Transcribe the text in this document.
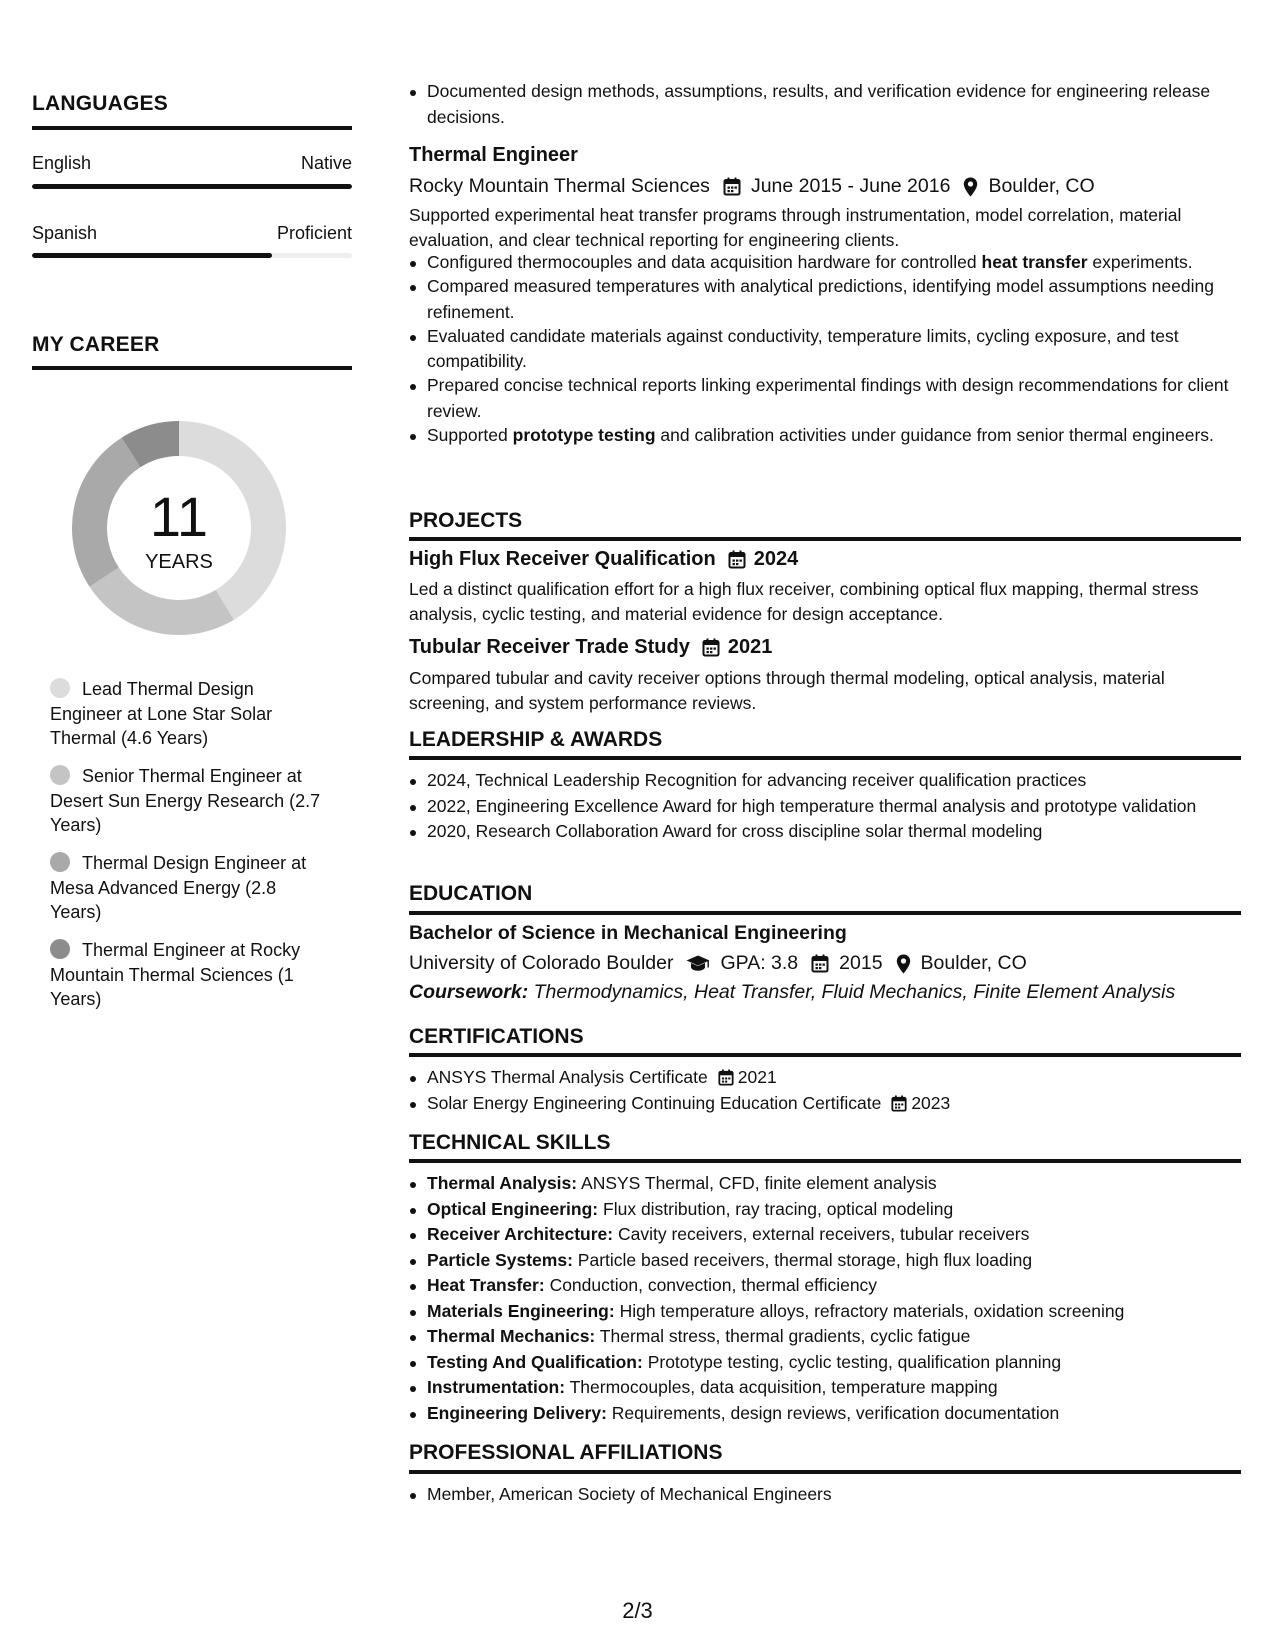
LANGUAGES
English	Native
Spanish	Proficient
MY CAREER
11
YEARS
Lead Thermal Design Engineer at Lone Star Solar Thermal (4.6 Years)
Senior Thermal Engineer at Desert Sun Energy Research (2.7 Years)
Thermal Design Engineer at Mesa Advanced Energy (2.8 Years)
Thermal Engineer at Rocky Mountain Thermal Sciences (1 Years)
Documented design methods, assumptions, results, and verification evidence for engineering release decisions.
Thermal Engineer
Rocky Mountain Thermal Sciences June 2015 - June 2016 Boulder, CO
Supported experimental heat transfer programs through instrumentation, model correlation, material evaluation, and clear technical reporting for engineering clients.
Configured thermocouples and data acquisition hardware for controlled heat transfer experiments.
Compared measured temperatures with analytical predictions, identifying model assumptions needing refinement.
Evaluated candidate materials against conductivity, temperature limits, cycling exposure, and test compatibility.
Prepared concise technical reports linking experimental findings with design recommendations for client review.
Supported prototype testing and calibration activities under guidance from senior thermal engineers.
PROJECTS
High Flux Receiver Qualification 2024
Led a distinct qualification effort for a high flux receiver, combining optical flux mapping, thermal stress analysis, cyclic testing, and material evidence for design acceptance.
Tubular Receiver Trade Study 2021
Compared tubular and cavity receiver options through thermal modeling, optical analysis, material screening, and system performance reviews.
LEADERSHIP & AWARDS
2024, Technical Leadership Recognition for advancing receiver qualification practices
2022, Engineering Excellence Award for high temperature thermal analysis and prototype validation
2020, Research Collaboration Award for cross discipline solar thermal modeling
EDUCATION
Bachelor of Science in Mechanical Engineering
University of Colorado Boulder GPA: 3.8 2015 Boulder, CO
Coursework:
Thermodynamics, Heat Transfer, Fluid Mechanics, Finite Element Analysis
CERTIFICATIONS
ANSYS Thermal Analysis Certificate 2021
Solar Energy Engineering Continuing Education Certificate 2023
TECHNICAL SKILLS
Thermal Analysis: ANSYS Thermal, CFD, finite element analysis
Optical Engineering: Flux distribution, ray tracing, optical modeling
Receiver Architecture: Cavity receivers, external receivers, tubular receivers
Particle Systems: Particle based receivers, thermal storage, high flux loading
Heat Transfer: Conduction, convection, thermal efficiency
Materials Engineering: High temperature alloys, refractory materials, oxidation screening
Thermal Mechanics: Thermal stress, thermal gradients, cyclic fatigue
Testing And Qualification: Prototype testing, cyclic testing, qualification planning
Instrumentation: Thermocouples, data acquisition, temperature mapping
Engineering Delivery: Requirements, design reviews, verification documentation
PROFESSIONAL AFFILIATIONS
Member, American Society of Mechanical Engineers
2/3
